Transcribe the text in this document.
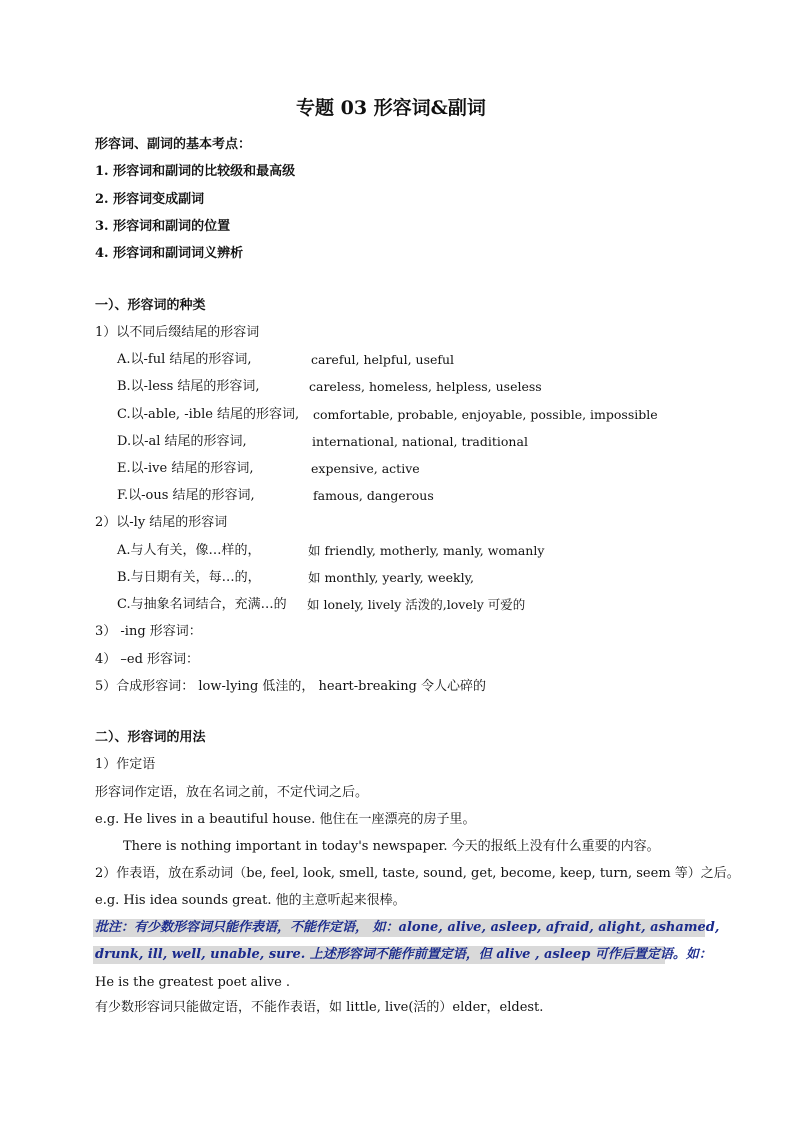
专题 03 形容词&副词
形容词、副词的基本考点：
1. 形容词和副词的比较级和最高级
2. 形容词变成副词
3. 形容词和副词的位置
4. 形容词和副词词义辨析
一）、形容词的种类
1）以不同后缀结尾的形容词
A.以-ful 结尾的形容词,	careful, helpful, useful
B.以-less 结尾的形容词,	careless, homeless, helpless, useless
C.以-able, -ible 结尾的形容词, comfortable, probable, enjoyable, possible, impossible
D.以-al 结尾的形容词,	international, national, traditional
E.以-ive 结尾的形容词,	expensive, active
F.以-ous 结尾的形容词,	famous, dangerous
2）以-ly 结尾的形容词
A.与人有关，像…样的，	如 friendly, motherly, manly, womanly
B.与日期有关，每…的，	如 monthly, yearly, weekly,
C.与抽象名词结合，充满…的 如 lonely, lively 活泼的,lovely 可爱的
3） -ing 形容词：
4） –ed 形容词：
5）合成形容词： low-lying 低洼的， heart-breaking 令人心碎的
二）、形容词的用法
1）作定语
形容词作定语，放在名词之前，不定代词之后。
e.g. He lives in a beautiful house. 他住在一座漂亮的房子里。
There is nothing important in today's newspaper. 今天的报纸上没有什么重要的内容。
2）作表语，放在系动词（be, feel, look, smell, taste, sound, get, become, keep, turn, seem 等）之后。
e.g. His idea sounds great. 他的主意听起来很棒。
批注：有少数形容词只能作表语，不能作定语， 如：alone, alive, asleep, afraid, alight, ashamed,
drunk, ill, well, unable, sure. 上述形容词不能作前置定语，但 alive , asleep 可作后置定语。如：
He is the greatest poet alive .
有少数形容词只能做定语，不能作表语，如 little, live(活的）elder，eldest.
